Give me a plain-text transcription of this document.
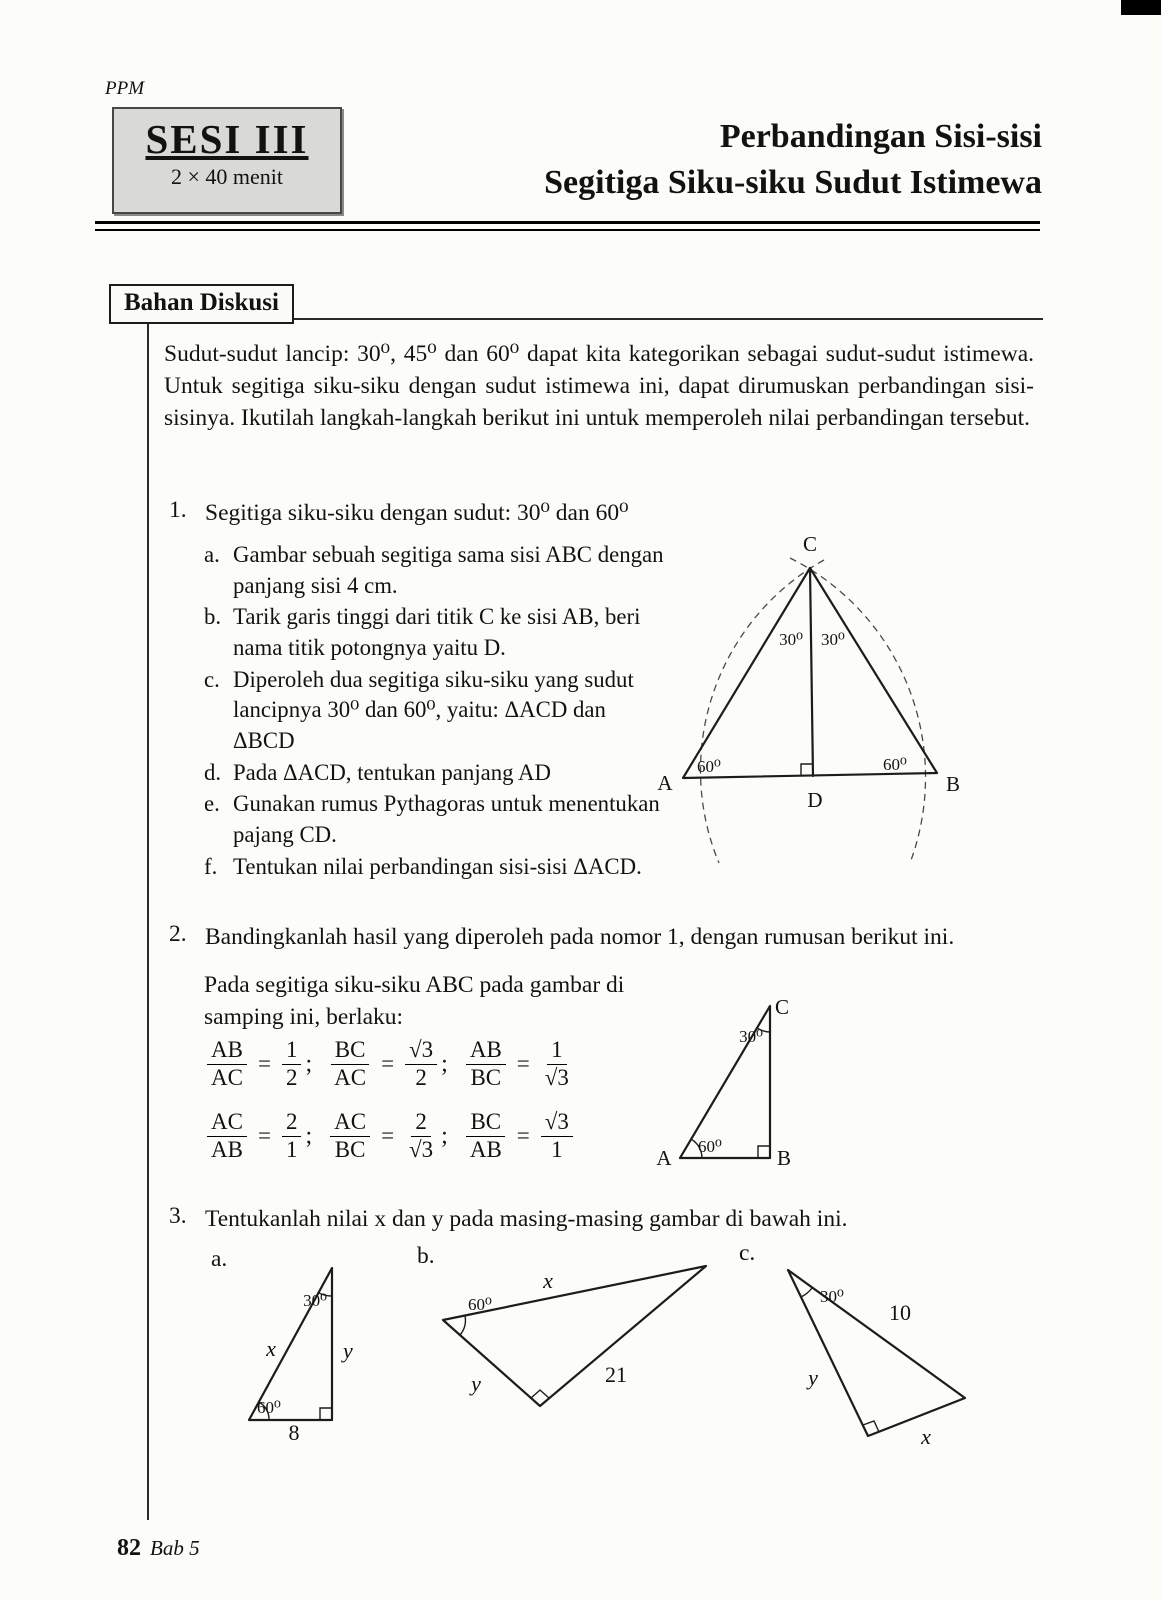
PPM
SESI III
2 × 40 menit
Perbandingan Sisi-sisi
Segitiga Siku-siku Sudut Istimewa
Bahan Diskusi
Sudut-sudut lancip: 30⁰, 45⁰ dan 60⁰ dapat kita kategorikan sebagai sudut-sudut istimewa. Untuk segitiga siku-siku dengan sudut istimewa ini, dapat dirumuskan perbandingan sisi-sisinya. Ikutilah langkah-langkah berikut ini untuk memperoleh nilai perbandingan tersebut.
1. Segitiga siku-siku dengan sudut: 30⁰ dan 60⁰
a. Gambar sebuah segitiga sama sisi ABC dengan panjang sisi 4 cm.
b. Tarik garis tinggi dari titik C ke sisi AB, beri nama titik potongnya yaitu D.
c. Diperoleh dua segitiga siku-siku yang sudut lancipnya 30⁰ dan 60⁰, yaitu: ΔACD dan ΔBCD
d. Pada ΔACD, tentukan panjang AD
e. Gunakan rumus Pythagoras untuk menentukan pajang CD.
f. Tentukan nilai perbandingan sisi-sisi ΔACD.
C
A	B
D
30⁰ 30⁰
60⁰	60⁰
2. Bandingkanlah hasil yang diperoleh pada nomor 1, dengan rumusan berikut ini.
Pada segitiga siku-siku ABC pada gambar di samping ini, berlaku:
$\frac{AB}{AC} = \frac{1}{2}$ ; $\frac{BC}{AC} = \frac{√3}{2}$ ; $\frac{AB}{BC} = \frac{1}{√3}$
$\frac{AC}{AB} = \frac{2}{1}$ ; $\frac{AC}{BC} = \frac{2}{√3}$ ; $\frac{BC}{AB} = \frac{√3}{1}$	A	B
C
60⁰
30⁰
3. Tentukanlah nilai x dan y pada masing-masing gambar di bawah ini.
a.	b.	c.
30⁰
x	y
60⁰
8
60⁰
x
y	21
30⁰
10
y
x
82 Bab 5
